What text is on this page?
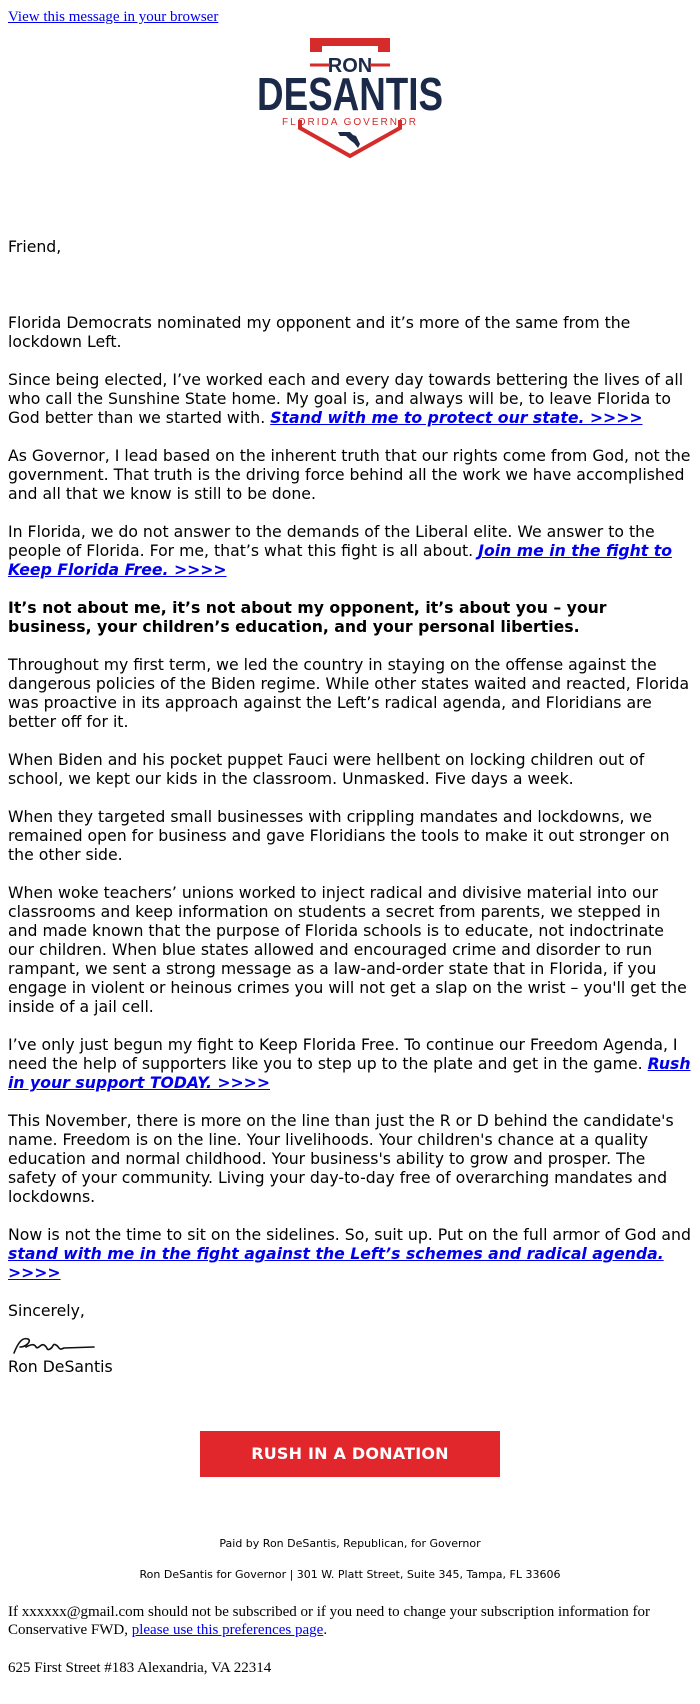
View this message in your browser
RON
DESANTIS
FLORIDA GOVERNOR

Friend,

Florida Democrats nominated my opponent and it’s more of the same from the lockdown Left.

Since being elected, I’ve worked each and every day towards bettering the lives of all who call the Sunshine State home. My goal is, and always will be, to leave Florida to God better than we started with. Stand with me to protect our state. >>>>

As Governor, I lead based on the inherent truth that our rights come from God, not the government. That truth is the driving force behind all the work we have accomplished and all that we know is still to be done.

In Florida, we do not answer to the demands of the Liberal elite. We answer to the people of Florida. For me, that’s what this fight is all about. Join me in the fight to Keep Florida Free. >>>>

It’s not about me, it’s not about my opponent, it’s about you – your business, your children’s education, and your personal liberties.

Throughout my first term, we led the country in staying on the offense against the dangerous policies of the Biden regime. While other states waited and reacted, Florida was proactive in its approach against the Left’s radical agenda, and Floridians are better off for it.

When Biden and his pocket puppet Fauci were hellbent on locking children out of school, we kept our kids in the classroom. Unmasked. Five days a week.

When they targeted small businesses with crippling mandates and lockdowns, we remained open for business and gave Floridians the tools to make it out stronger on the other side.

When woke teachers’ unions worked to inject radical and divisive material into our classrooms and keep information on students a secret from parents, we stepped in and made known that the purpose of Florida schools is to educate, not indoctrinate our children. When blue states allowed and encouraged crime and disorder to run rampant, we sent a strong message as a law-and-order state that in Florida, if you engage in violent or heinous crimes you will not get a slap on the wrist – you'll get the inside of a jail cell.

I’ve only just begun my fight to Keep Florida Free. To continue our Freedom Agenda, I need the help of supporters like you to step up to the plate and get in the game. Rush in your support TODAY. >>>>

This November, there is more on the line than just the R or D behind the candidate's name. Freedom is on the line. Your livelihoods. Your children's chance at a quality education and normal childhood. Your business's ability to grow and prosper. The safety of your community. Living your day-to-day free of overarching mandates and lockdowns.

Now is not the time to sit on the sidelines. So, suit up. Put on the full armor of God and stand with me in the fight against the Left’s schemes and radical agenda. >>>>

Sincerely,

Ron DeSantis
RUSH IN A DONATION
Paid by Ron DeSantis, Republican, for Governor
Ron DeSantis for Governor | 301 W. Platt Street, Suite 345, Tampa, FL 33606
If xxxxxx@gmail.com should not be subscribed or if you need to change your subscription information for Conservative FWD, please use this preferences page.
625 First Street #183 Alexandria, VA 22314
